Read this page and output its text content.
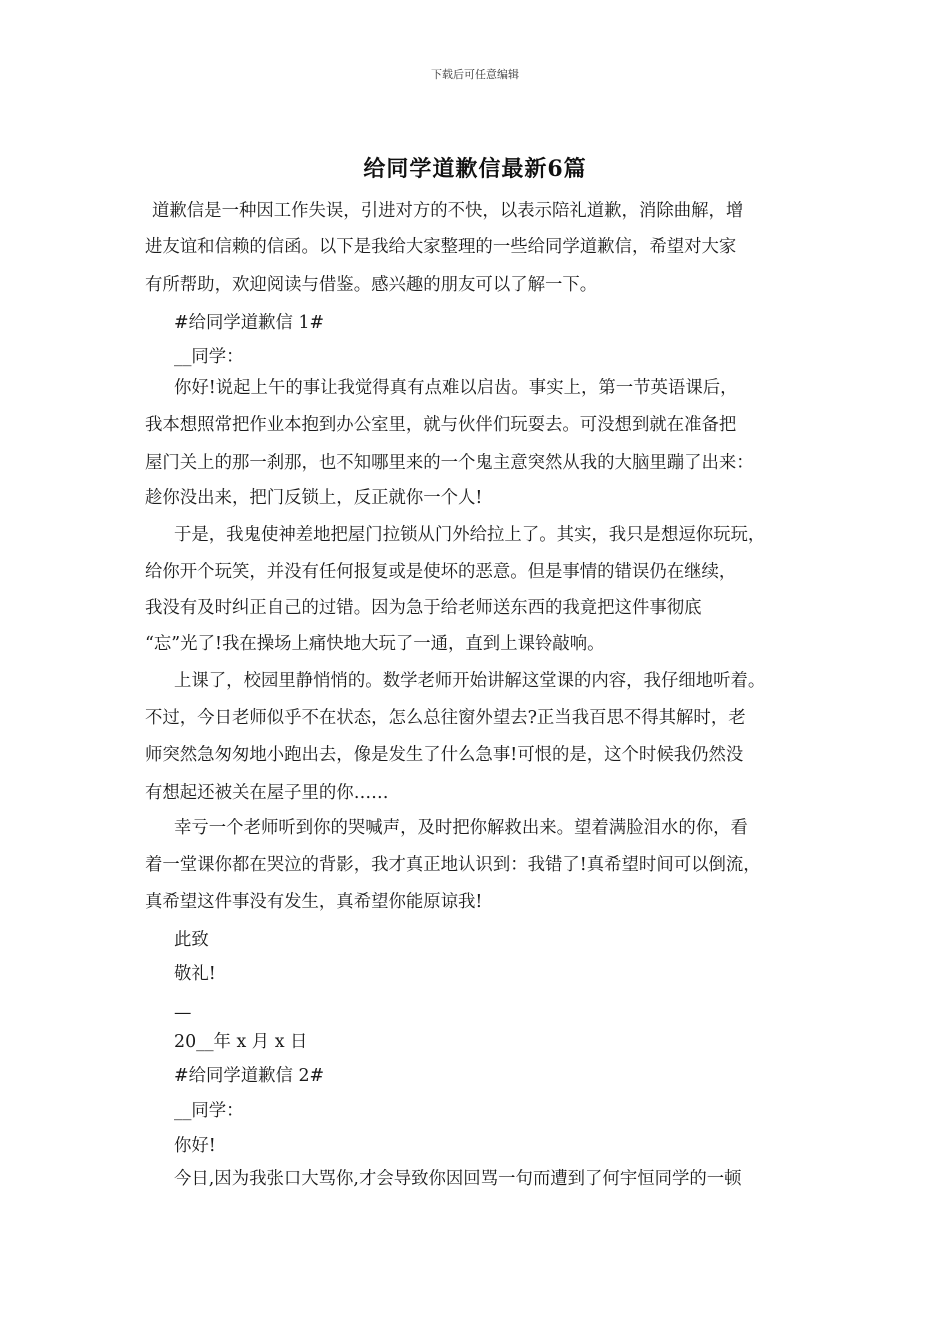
下载后可任意编辑
给同学道歉信最新6篇
道歉信是一种因工作失误，引进对方的不快，以表示陪礼道歉，消除曲解，增
进友谊和信赖的信函。以下是我给大家整理的一些给同学道歉信，希望对大家
有所帮助，欢迎阅读与借鉴。感兴趣的朋友可以了解一下。
#给同学道歉信 1#
__同学：
你好!说起上午的事让我觉得真有点难以启齿。事实上，第一节英语课后，
我本想照常把作业本抱到办公室里，就与伙伴们玩耍去。可没想到就在准备把
屋门关上的那一刹那，也不知哪里来的一个鬼主意突然从我的大脑里蹦了出来：
趁你没出来，把门反锁上，反正就你一个人!
于是，我鬼使神差地把屋门拉锁从门外给拉上了。其实，我只是想逗你玩玩，
给你开个玩笑，并没有任何报复或是使坏的恶意。但是事情的错误仍在继续，
我没有及时纠正自己的过错。因为急于给老师送东西的我竟把这件事彻底
“忘”光了!我在操场上痛快地大玩了一通，直到上课铃敲响。
上课了，校园里静悄悄的。数学老师开始讲解这堂课的内容，我仔细地听着。
不过，今日老师似乎不在状态，怎么总往窗外望去?正当我百思不得其解时，老
师突然急匆匆地小跑出去，像是发生了什么急事!可恨的是，这个时候我仍然没
有想起还被关在屋子里的你……
幸亏一个老师听到你的哭喊声，及时把你解救出来。望着满脸泪水的你，看
着一堂课你都在哭泣的背影，我才真正地认识到：我错了!真希望时间可以倒流，
真希望这件事没有发生，真希望你能原谅我!
此致
敬礼!
—
20__年 x 月 x 日
#给同学道歉信 2#
__同学：
你好!
今日,因为我张口大骂你,才会导致你因回骂一句而遭到了何宇恒同学的一顿
